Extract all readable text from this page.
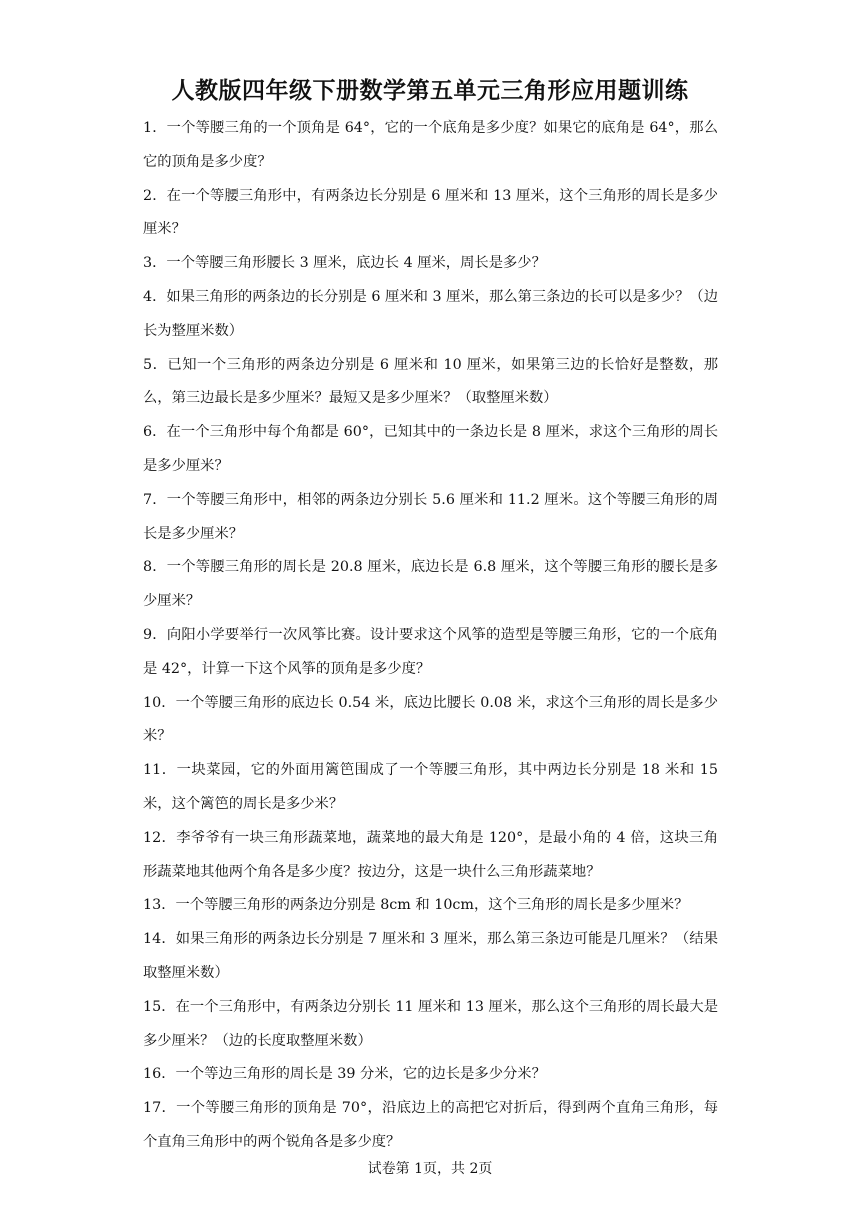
人教版四年级下册数学第五单元三角形应用题训练
1．一个等腰三角的一个顶角是 64°，它的一个底角是多少度？如果它的底角是 64°，那么它的顶角是多少度？
2．在一个等腰三角形中，有两条边长分别是 6 厘米和 13 厘米，这个三角形的周长是多少厘米？
3．一个等腰三角形腰长 3 厘米，底边长 4 厘米，周长是多少？
4．如果三角形的两条边的长分别是 6 厘米和 3 厘米，那么第三条边的长可以是多少？（边长为整厘米数）
5．已知一个三角形的两条边分别是 6 厘米和 10 厘米，如果第三边的长恰好是整数，那么，第三边最长是多少厘米？最短又是多少厘米？（取整厘米数）
6．在一个三角形中每个角都是 60°，已知其中的一条边长是 8 厘米，求这个三角形的周长是多少厘米？
7．一个等腰三角形中，相邻的两条边分别长 5.6 厘米和 11.2 厘米。这个等腰三角形的周长是多少厘米？
8．一个等腰三角形的周长是 20.8 厘米，底边长是 6.8 厘米，这个等腰三角形的腰长是多少厘米？
9．向阳小学要举行一次风筝比赛。设计要求这个风筝的造型是等腰三角形，它的一个底角是 42°，计算一下这个风筝的顶角是多少度？
10．一个等腰三角形的底边长 0.54 米，底边比腰长 0.08 米，求这个三角形的周长是多少米？
11．一块菜园，它的外面用篱笆围成了一个等腰三角形，其中两边长分别是 18 米和 15 米，这个篱笆的周长是多少米？
12．李爷爷有一块三角形蔬菜地，蔬菜地的最大角是 120°，是最小角的 4 倍，这块三角形蔬菜地其他两个角各是多少度？按边分，这是一块什么三角形蔬菜地？
13．一个等腰三角形的两条边分别是 8cm 和 10cm，这个三角形的周长是多少厘米？
14．如果三角形的两条边长分别是 7 厘米和 3 厘米，那么第三条边可能是几厘米？（结果取整厘米数）
15．在一个三角形中，有两条边分别长 11 厘米和 13 厘米，那么这个三角形的周长最大是多少厘米？（边的长度取整厘米数）
16．一个等边三角形的周长是 39 分米，它的边长是多少分米？
17．一个等腰三角形的顶角是 70°，沿底边上的高把它对折后，得到两个直角三角形，每个直角三角形中的两个锐角各是多少度？
试卷第 1页，共 2页
